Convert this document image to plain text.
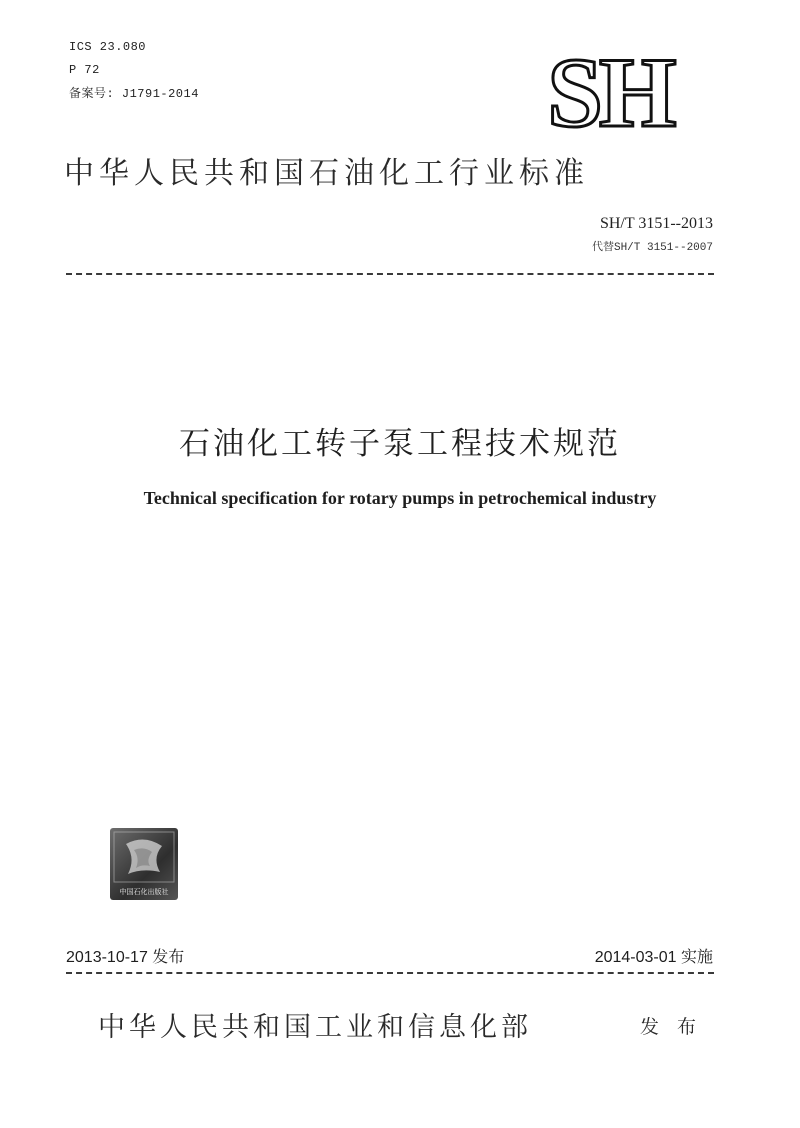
ICS 23.080
P 72
备案号: J1791-2014	SH
中华人民共和国石油化工行业标准
SH/T 3151--2013
代替SH/T 3151--2007
石油化工转子泵工程技术规范
Technical specification for rotary pumps in petrochemical industry
中国石化出版社
2013-10-17 发布	2014-03-01 实施
中华人民共和国工业和信息化部	发 布
